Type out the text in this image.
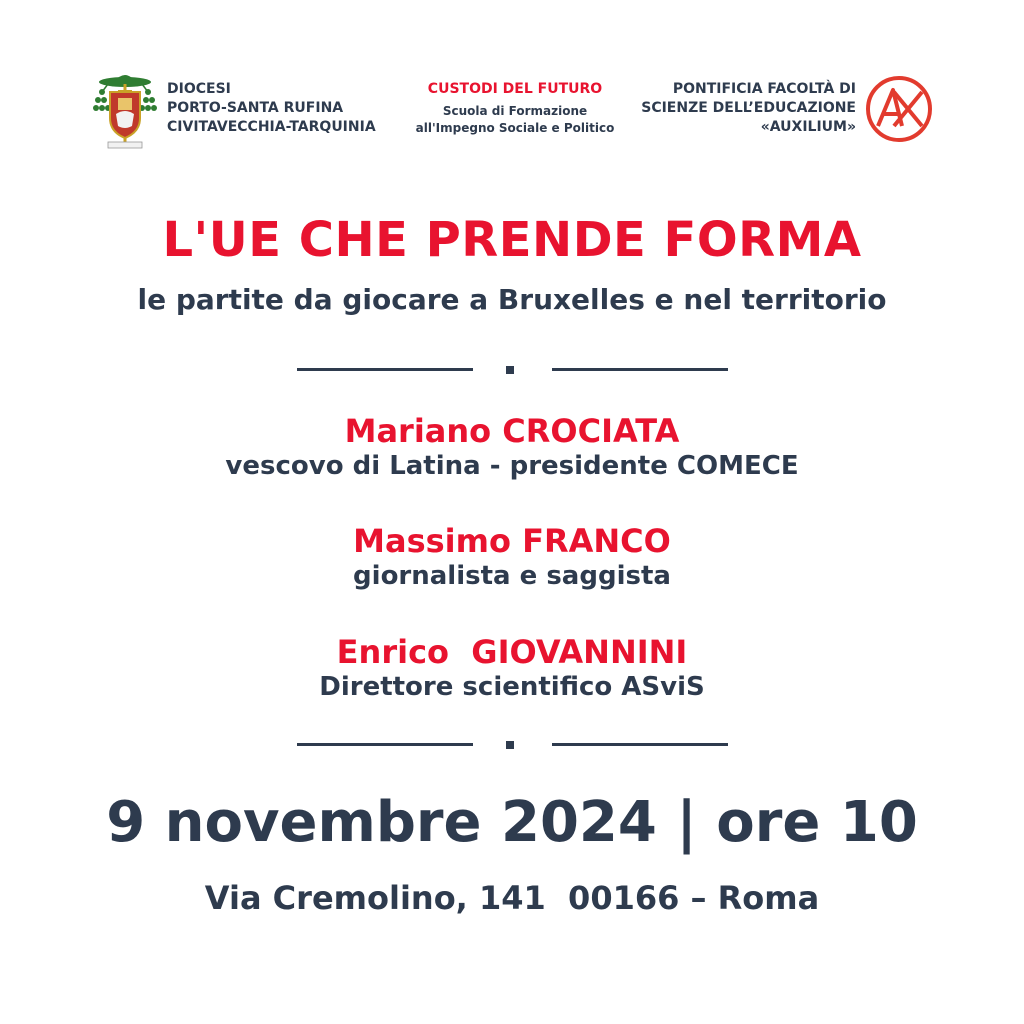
DIOCESI
PORTO-SANTA RUFINA
CIVITAVECCHIA-TARQUINIA
CUSTODI DEL FUTURO
Scuola di Formazione
all'Impegno Sociale e Politico
PONTIFICIA FACOLTÀ DI
SCIENZE DELL’EDUCAZIONE
«AUXILIUM»
L'UE CHE PRENDE FORMA
le partite da giocare a Bruxelles e nel territorio
Mariano CROCIATA
vescovo di Latina - presidente COMECE
Massimo FRANCO
giornalista e saggista
Enrico  GIOVANNINI
Direttore scientifico ASviS
9 novembre 2024 | ore 10
Via Cremolino, 141  00166 – Roma
